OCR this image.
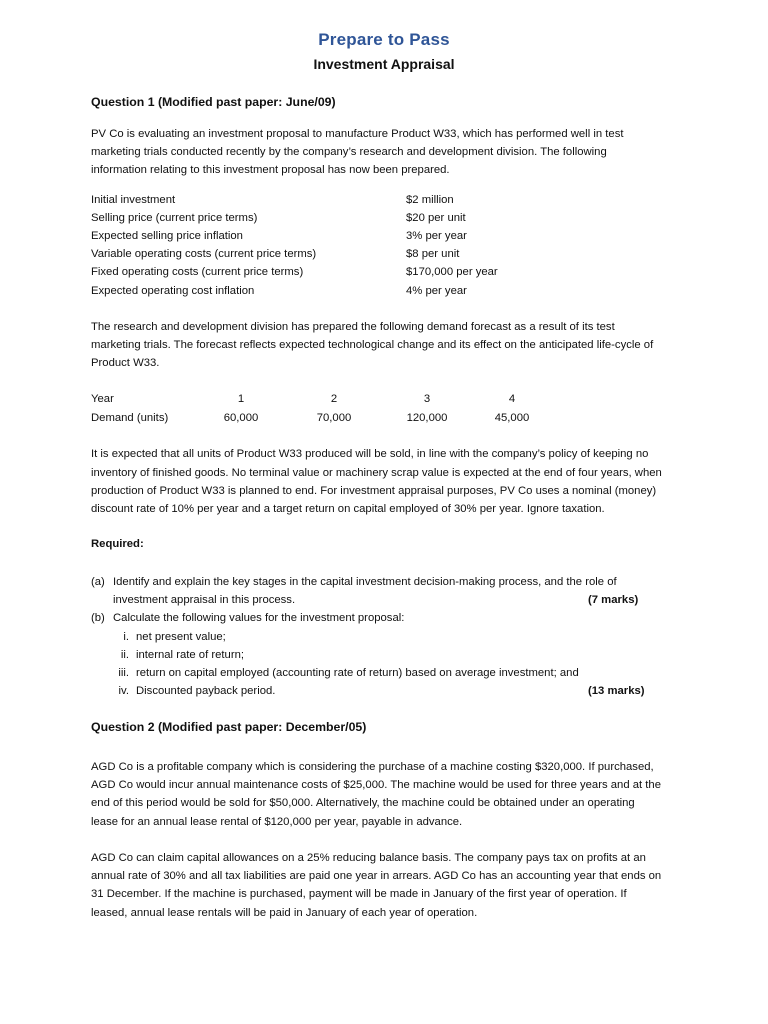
Prepare to Pass
Investment Appraisal
Question 1 (Modified past paper: June/09)
PV Co is evaluating an investment proposal to manufacture Product W33, which has performed well in test
marketing trials conducted recently by the company’s research and development division. The following
information relating to this investment proposal has now been prepared.
Initial investment	$2 million
Selling price (current price terms)	$20 per unit
Expected selling price inflation	3% per year
Variable operating costs (current price terms)	$8 per unit
Fixed operating costs (current price terms)	$170,000 per year
Expected operating cost inflation	4% per year
The research and development division has prepared the following demand forecast as a result of its test
marketing trials. The forecast reflects expected technological change and its effect on the anticipated life-cycle of
Product W33.
Year	1	2	3	4
Demand (units)	60,000	70,000	120,000	45,000
It is expected that all units of Product W33 produced will be sold, in line with the company’s policy of keeping no
inventory of finished goods. No terminal value or machinery scrap value is expected at the end of four years, when
production of Product W33 is planned to end. For investment appraisal purposes, PV Co uses a nominal (money)
discount rate of 10% per year and a target return on capital employed of 30% per year. Ignore taxation.
Required:
(a) Identify and explain the key stages in the capital investment decision-making process, and the role of
investment appraisal in this process.	(7 marks)
(b) Calculate the following values for the investment proposal:
i. net present value;
ii. internal rate of return;
iii. return on capital employed (accounting rate of return) based on average investment; and
iv. Discounted payback period.	(13 marks)
Question 2 (Modified past paper: December/05)
AGD Co is a profitable company which is considering the purchase of a machine costing $320,000. If purchased,
AGD Co would incur annual maintenance costs of $25,000. The machine would be used for three years and at the
end of this period would be sold for $50,000. Alternatively, the machine could be obtained under an operating
lease for an annual lease rental of $120,000 per year, payable in advance.
AGD Co can claim capital allowances on a 25% reducing balance basis. The company pays tax on profits at an
annual rate of 30% and all tax liabilities are paid one year in arrears. AGD Co has an accounting year that ends on
31 December. If the machine is purchased, payment will be made in January of the first year of operation. If
leased, annual lease rentals will be paid in January of each year of operation.
